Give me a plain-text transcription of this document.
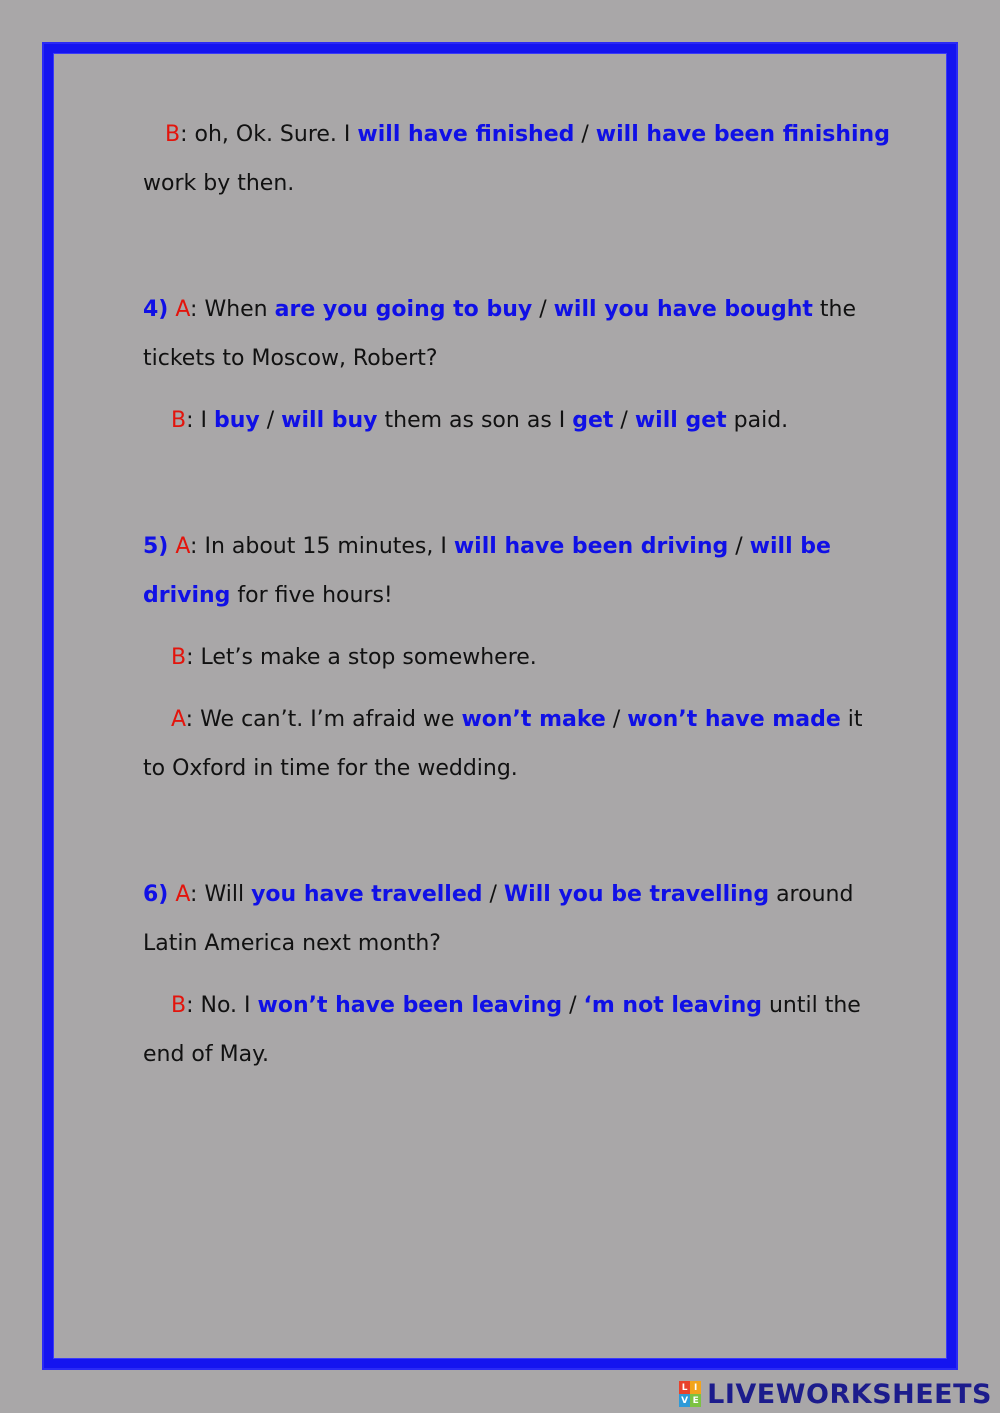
B: oh, Ok. Sure. I will have finished / will have been finishing
work by then.
4) A: When are you going to buy / will you have bought the
tickets to Moscow, Robert?
B: I buy / will buy them as son as I get / will get paid.
5) A: In about 15 minutes, I will have been driving / will be
driving for five hours!
B: Let’s make a stop somewhere.
A: We can’t. I’m afraid we won’t make / won’t have made it
to Oxford in time for the wedding.
6) A: Will you have travelled / Will you be travelling around
Latin America next month?
B: No. I won’t have been leaving / ‘m not leaving until the
end of May.
L I
V E LIVEWORKSHEETS
